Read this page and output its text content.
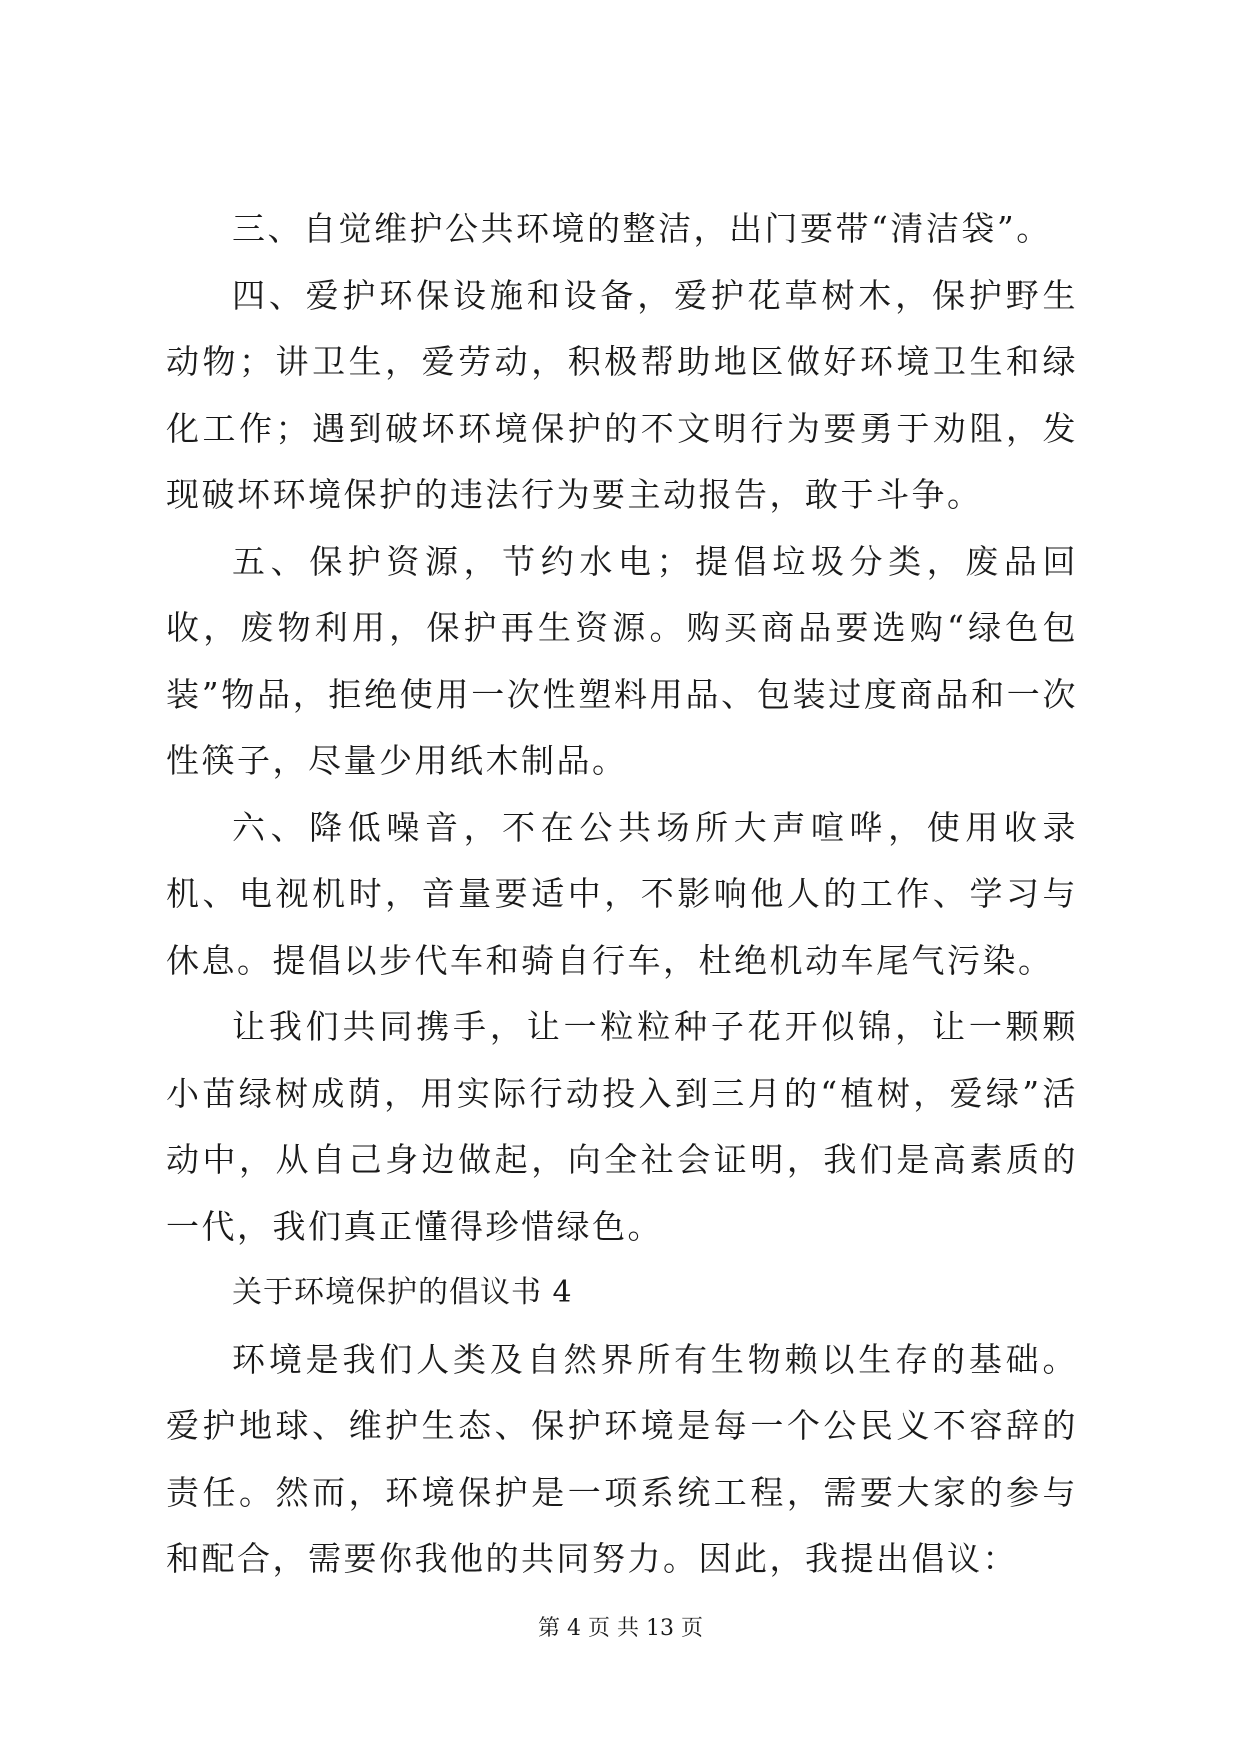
三、自觉维护公共环境的整洁，出门要带“清洁袋”。

四、爱护环保设施和设备，爱护花草树木，保护野生动物；讲卫生，爱劳动，积极帮助地区做好环境卫生和绿化工作；遇到破坏环境保护的不文明行为要勇于劝阻，发现破坏环境保护的违法行为要主动报告，敢于斗争。

五、保护资源，节约水电；提倡垃圾分类，废品回收，废物利用，保护再生资源。购买商品要选购“绿色包装”物品，拒绝使用一次性塑料用品、包装过度商品和一次性筷子，尽量少用纸木制品。

六、降低噪音，不在公共场所大声喧哗，使用收录机、电视机时，音量要适中，不影响他人的工作、学习与休息。提倡以步代车和骑自行车，杜绝机动车尾气污染。

让我们共同携手，让一粒粒种子花开似锦，让一颗颗小苗绿树成荫，用实际行动投入到三月的“植树，爱绿”活动中，从自己身边做起，向全社会证明，我们是高素质的一代，我们真正懂得珍惜绿色。

关于环境保护的倡议书 4

环境是我们人类及自然界所有生物赖以生存的基础。爱护地球、维护生态、保护环境是每一个公民义不容辞的责任。然而，环境保护是一项系统工程，需要大家的参与和配合，需要你我他的共同努力。因此，我提出倡议：

第 4 页 共 13 页
